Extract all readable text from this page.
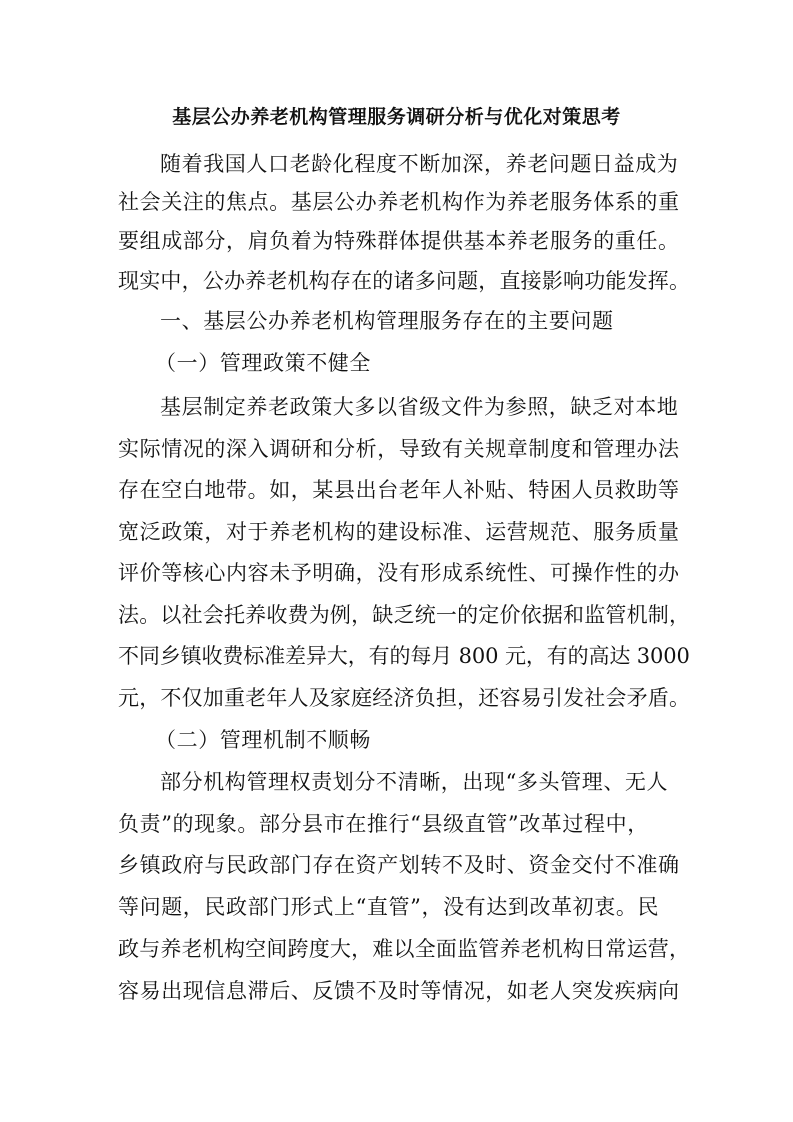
基层公办养老机构管理服务调研分析与优化对策思考
随着我国人口老龄化程度不断加深，养老问题日益成为
社会关注的焦点。基层公办养老机构作为养老服务体系的重
要组成部分，肩负着为特殊群体提供基本养老服务的重任。
现实中，公办养老机构存在的诸多问题，直接影响功能发挥。
一、基层公办养老机构管理服务存在的主要问题
（一）管理政策不健全
基层制定养老政策大多以省级文件为参照，缺乏对本地
实际情况的深入调研和分析，导致有关规章制度和管理办法
存在空白地带。如，某县出台老年人补贴、特困人员救助等
宽泛政策，对于养老机构的建设标准、运营规范、服务质量
评价等核心内容未予明确，没有形成系统性、可操作性的办
法。以社会托养收费为例，缺乏统一的定价依据和监管机制，
不同乡镇收费标准差异大，有的每月 800 元，有的高达 3000
元，不仅加重老年人及家庭经济负担，还容易引发社会矛盾。
（二）管理机制不顺畅
部分机构管理权责划分不清晰，出现“多头管理、无人
负责”的现象。部分县市在推行“县级直管”改革过程中，
乡镇政府与民政部门存在资产划转不及时、资金交付不准确
等问题，民政部门形式上“直管”，没有达到改革初衷。民
政与养老机构空间跨度大，难以全面监管养老机构日常运营，
容易出现信息滞后、反馈不及时等情况，如老人突发疾病向
